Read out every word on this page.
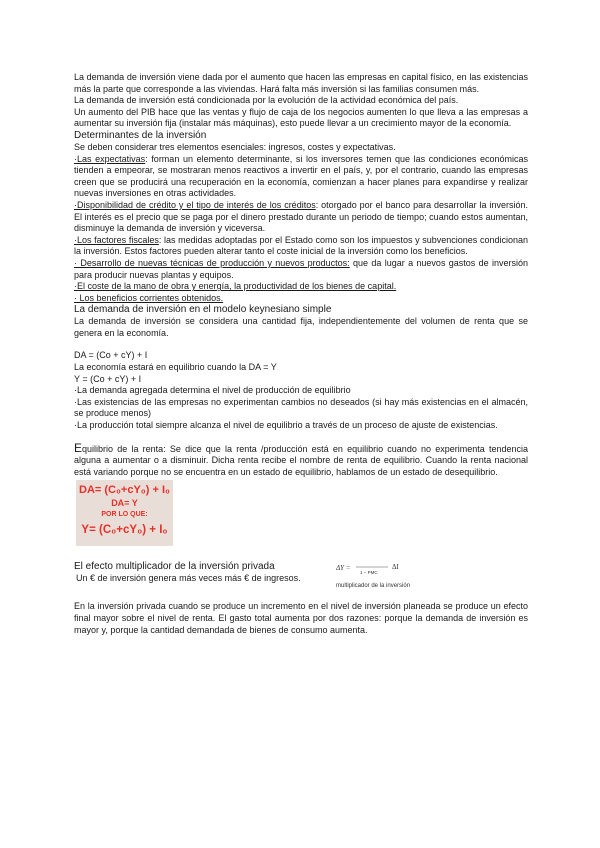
La demanda de inversión viene dada por el aumento que hacen las empresas en capital físico, en las existencias más la parte que corresponde a las viviendas. Hará falta más inversión si las familias consumen más.

La demanda de inversión está condicionada por la evolución de la actividad económica del país.

Un aumento del PIB hace que las ventas y flujo de caja de los negocios aumenten lo que lleva a las empresas a aumentar su inversión fija (instalar más máquinas), esto puede llevar a un crecimiento mayor de la economía.

Determinantes de la inversión

Se deben considerar tres elementos esenciales: ingresos, costes y expectativas.

·Las expectativas: forman un elemento determinante, si los inversores temen que las condiciones económicas tienden a empeorar, se mostraran menos reactivos a invertir en el país, y, por el contrario, cuando las empresas creen que se producirá una recuperación en la economía, comienzan a hacer planes para expandirse y realizar nuevas inversiones en otras actividades.

·Disponibilidad de crédito y el tipo de interés de los créditos: otorgado por el banco para desarrollar la inversión. El interés es el precio que se paga por el dinero prestado durante un periodo de tiempo; cuando estos aumentan, disminuye la demanda de inversión y viceversa.

·Los factores fiscales: las medidas adoptadas por el Estado como son los impuestos y subvenciones condicionan la inversión. Estos factores pueden alterar tanto el coste inicial de la inversión como los beneficios.

· Desarrollo de nuevas técnicas de producción y nuevos productos: que da lugar a nuevos gastos de inversión para producir nuevas plantas y equipos.

·El coste de la mano de obra y energía, la productividad de los bienes de capital.

· Los beneficios corrientes obtenidos.

La demanda de inversión en el modelo keynesiano simple

La demanda de inversión se considera una cantidad fija, independientemente del volumen de renta que se genera en la economía.

DA = (Co + cY) + I

La economía estará en equilibrio cuando la DA = Y

Y = (Co + cY) + I

·La demanda agregada determina el nivel de producción de equilibrio

·Las existencias de las empresas no experimentan cambios no deseados (si hay más existencias en el almacén, se produce menos)

·La producción total siempre alcanza el nivel de equilibrio a través de un proceso de ajuste de existencias.

Equilibrio de la renta: Se dice que la renta /producción está en equilibrio cuando no experimenta tendencia alguna a aumentar o a disminuir. Dicha renta recibe el nombre de renta de equilibrio. Cuando la renta nacional está variando porque no se encuentra en un estado de equilibrio, hablamos de un estado de desequilibrio.

DA= (C₀+cY₀) + I₀
DA= Y
POR LO QUE:
Y= (C₀+cY₀) + I₀

El efecto multiplicador de la inversión privada

Un € de inversión genera más veces más € de ingresos.

ΔY =
1 − PMC
ΔI
multiplicador de la inversión

En la inversión privada cuando se produce un incremento en el nivel de inversión planeada se produce un efecto final mayor sobre el nivel de renta. El gasto total aumenta por dos razones: porque la demanda de inversión es mayor y, porque la cantidad demandada de bienes de consumo aumenta.
